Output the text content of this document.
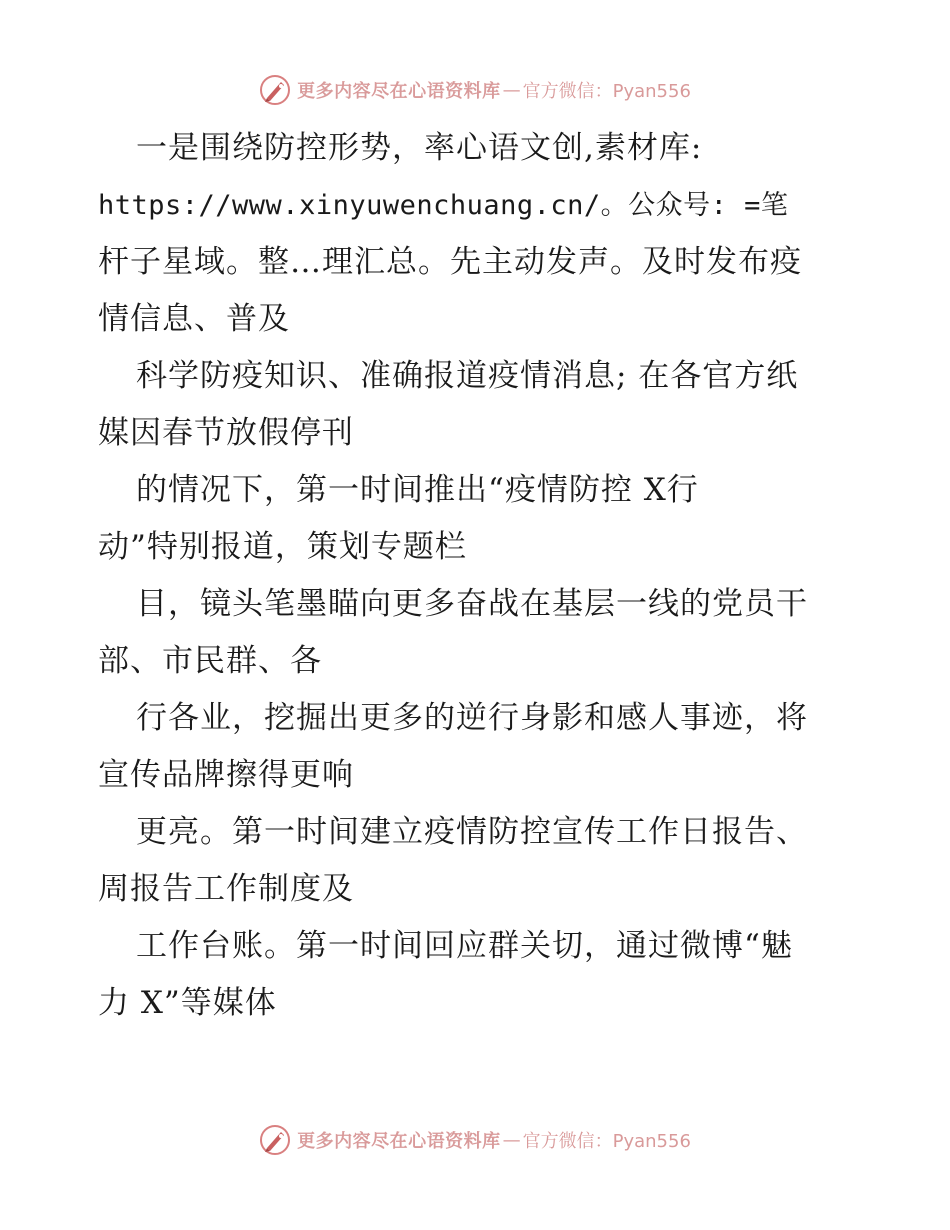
更多内容尽在心语资料库 — 官方微信：Pyan556
一是围绕防控形势，率心语文创,素材库:
https://www.xinyuwenchuang.cn/。公众号: =笔
杆子星域。整…理汇总。先主动发声。及时发布疫
情信息、普及
科学防疫知识、准确报道疫情消息; 在各官方纸
媒因春节放假停刊
的情况下，第一时间推出“疫情防控 X行
动”特别报道，策划专题栏
目，镜头笔墨瞄向更多奋战在基层一线的党员干
部、市民群、各
行各业，挖掘出更多的逆行身影和感人事迹，将
宣传品牌擦得更响
更亮。第一时间建立疫情防控宣传工作日报告、
周报告工作制度及
工作台账。第一时间回应群关切，通过微博“魅
力 X”等媒体
更多内容尽在心语资料库 — 官方微信：Pyan556
